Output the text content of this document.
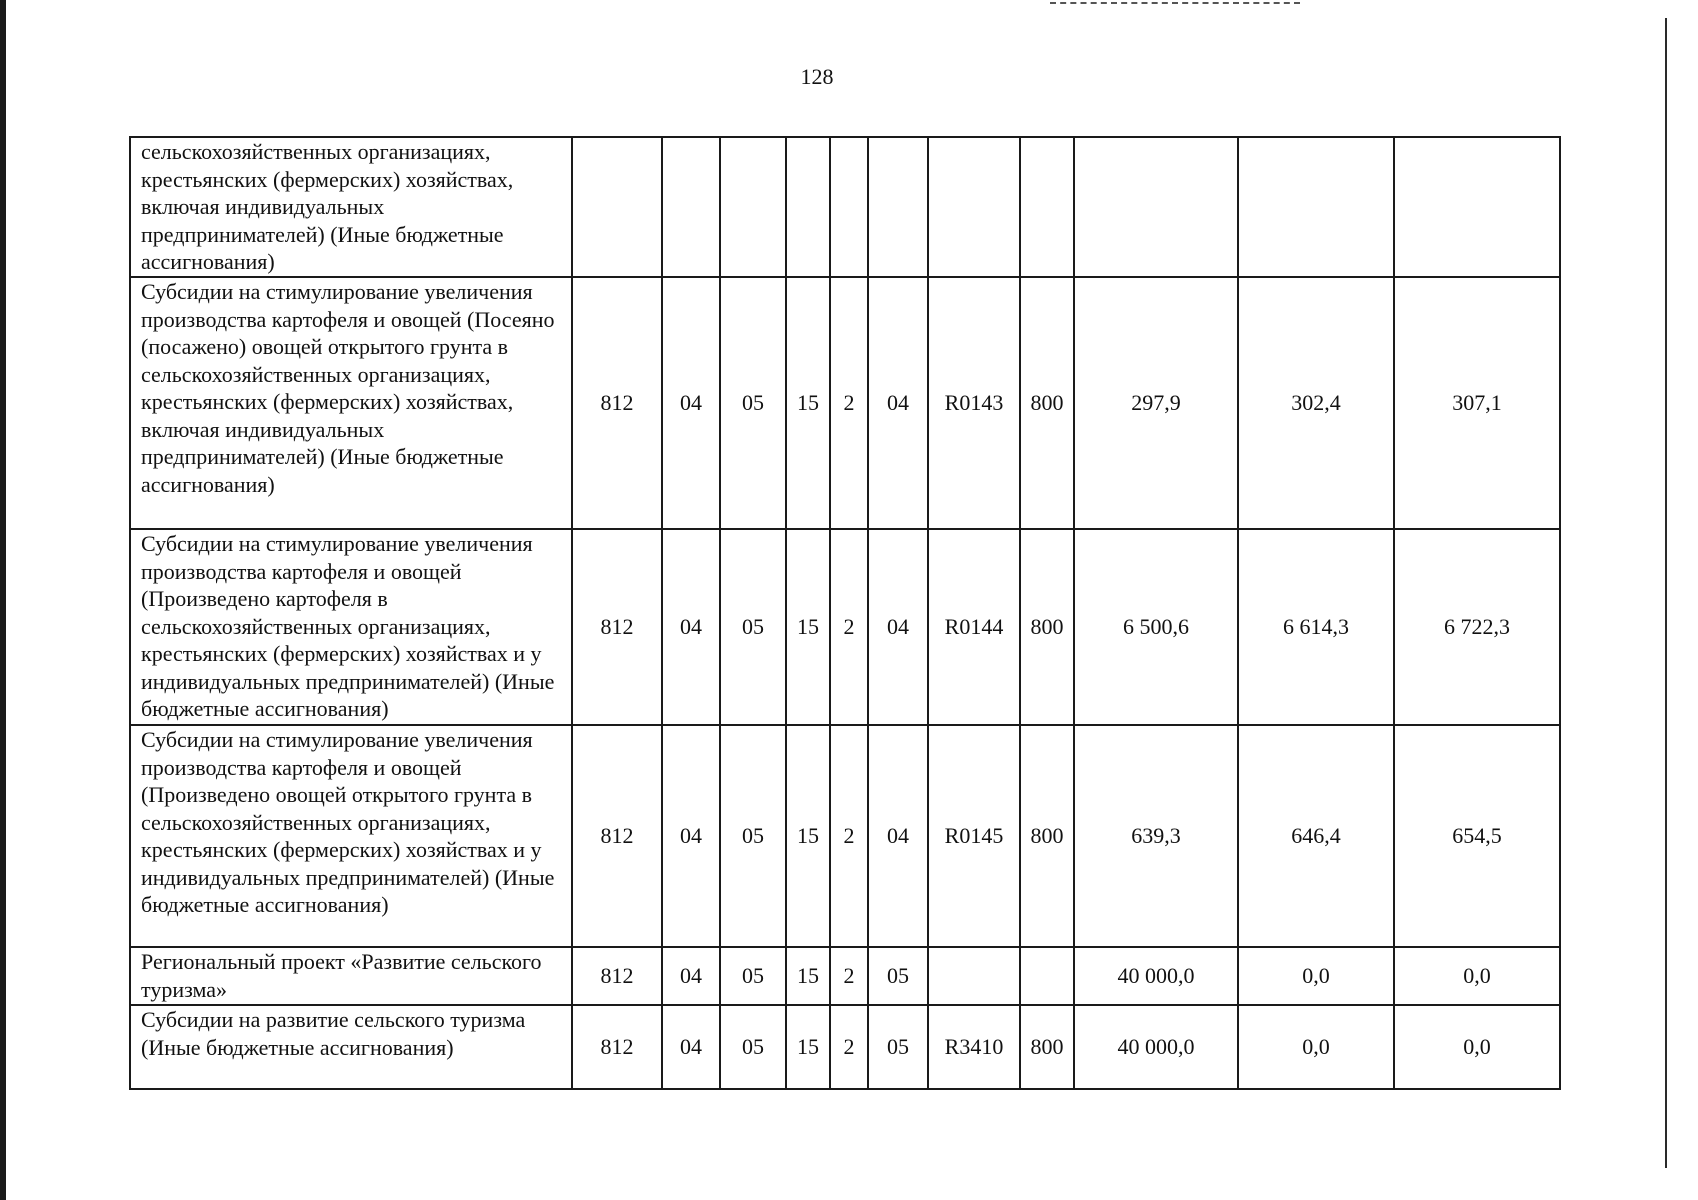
128
	сельскохозяйственных организациях, крестьянских (фермерских) хозяйствах, включая индивидуальных предпринимателей) (Иные бюджетные ассигнования)											
	Субсидии на стимулирование увеличения производства картофеля и овощей (Посеяно (посажено) овощей открытого грунта в сельскохозяйственных организациях, крестьянских (фермерских) хозяйствах, включая индивидуальных предпринимателей) (Иные бюджетные ассигнования)	812	04	05	15	2	04	R0143	800	297,9	302,4	307,1
	Субсидии на стимулирование увеличения производства картофеля и овощей (Произведено картофеля в сельскохозяйственных организациях, крестьянских (фермерских) хозяйствах и у индивидуальных предпринимателей) (Иные бюджетные ассигнования)	812	04	05	15	2	04	R0144	800	6 500,6	6 614,3	6 722,3
	Субсидии на стимулирование увеличения производства картофеля и овощей (Произведено овощей открытого грунта в сельскохозяйственных организациях, крестьянских (фермерских) хозяйствах и у индивидуальных предпринимателей) (Иные бюджетные ассигнования)	812	04	05	15	2	04	R0145	800	639,3	646,4	654,5
	Региональный проект «Развитие сельского туризма»	812	04	05	15	2	05			40 000,0	0,0	0,0
	Субсидии на развитие сельского туризма (Иные бюджетные ассигнования)	812	04	05	15	2	05	R3410	800	40 000,0	0,0	0,0
